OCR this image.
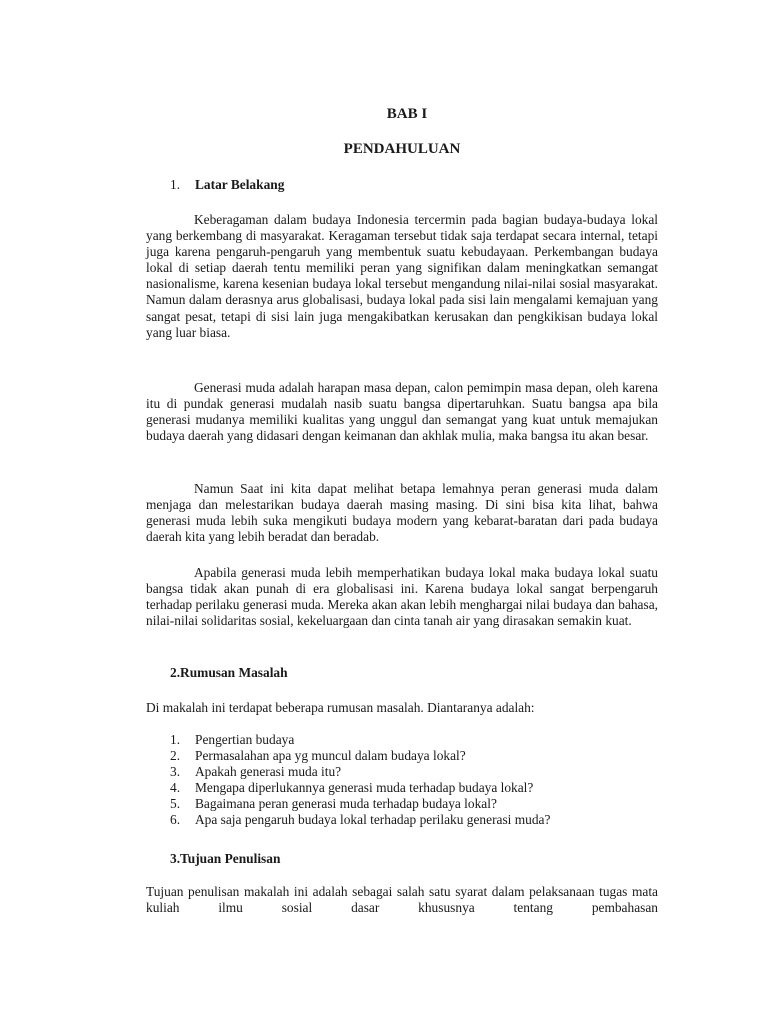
BAB I
PENDAHULUAN
1. Latar Belakang

Keberagaman dalam budaya Indonesia tercermin pada bagian budaya-budaya lokal yang berkembang di masyarakat. Keragaman tersebut tidak saja terdapat secara internal, tetapi juga karena pengaruh-pengaruh yang membentuk suatu kebudayaan. Perkembangan budaya lokal di setiap daerah tentu memiliki peran yang signifikan dalam meningkatkan semangat nasionalisme, karena kesenian budaya lokal tersebut mengandung nilai-nilai sosial masyarakat. Namun dalam derasnya arus globalisasi, budaya lokal pada sisi lain mengalami kemajuan yang sangat pesat, tetapi di sisi lain juga mengakibatkan kerusakan dan pengkikisan budaya lokal yang luar biasa.

Generasi muda adalah harapan masa depan, calon pemimpin masa depan, oleh karena itu di pundak generasi mudalah nasib suatu bangsa dipertaruhkan. Suatu bangsa apa bila generasi mudanya memiliki kualitas yang unggul dan semangat yang kuat untuk memajukan budaya daerah yang didasari dengan keimanan dan akhlak mulia, maka bangsa itu akan besar.

Namun Saat ini kita dapat melihat betapa lemahnya peran generasi muda dalam menjaga dan melestarikan budaya daerah masing masing. Di sini bisa kita lihat, bahwa generasi muda lebih suka mengikuti budaya modern yang kebarat-baratan dari pada budaya daerah kita yang lebih beradat dan beradab.

Apabila generasi muda lebih memperhatikan budaya lokal maka budaya lokal suatu bangsa tidak akan punah di era globalisasi ini. Karena budaya lokal sangat berpengaruh terhadap perilaku generasi muda. Mereka akan akan lebih menghargai nilai budaya dan bahasa, nilai-nilai solidaritas sosial, kekeluargaan dan cinta tanah air yang dirasakan semakin kuat.

2.Rumusan Masalah

Di makalah ini terdapat beberapa rumusan masalah. Diantaranya adalah:

1.	Pengertian budaya
2.	Permasalahan apa yg muncul dalam budaya lokal?
3.	Apakah generasi muda itu?
4.	Mengapa diperlukannya generasi muda terhadap budaya lokal?
5.	Bagaimana peran generasi muda terhadap budaya lokal?
6.	Apa saja pengaruh budaya lokal terhadap perilaku generasi muda?
3.Tujuan Penulisan

Tujuan penulisan makalah ini adalah sebagai salah satu syarat dalam pelaksanaan tugas mata kuliah ilmu sosial dasar khususnya tentang pembahasan
